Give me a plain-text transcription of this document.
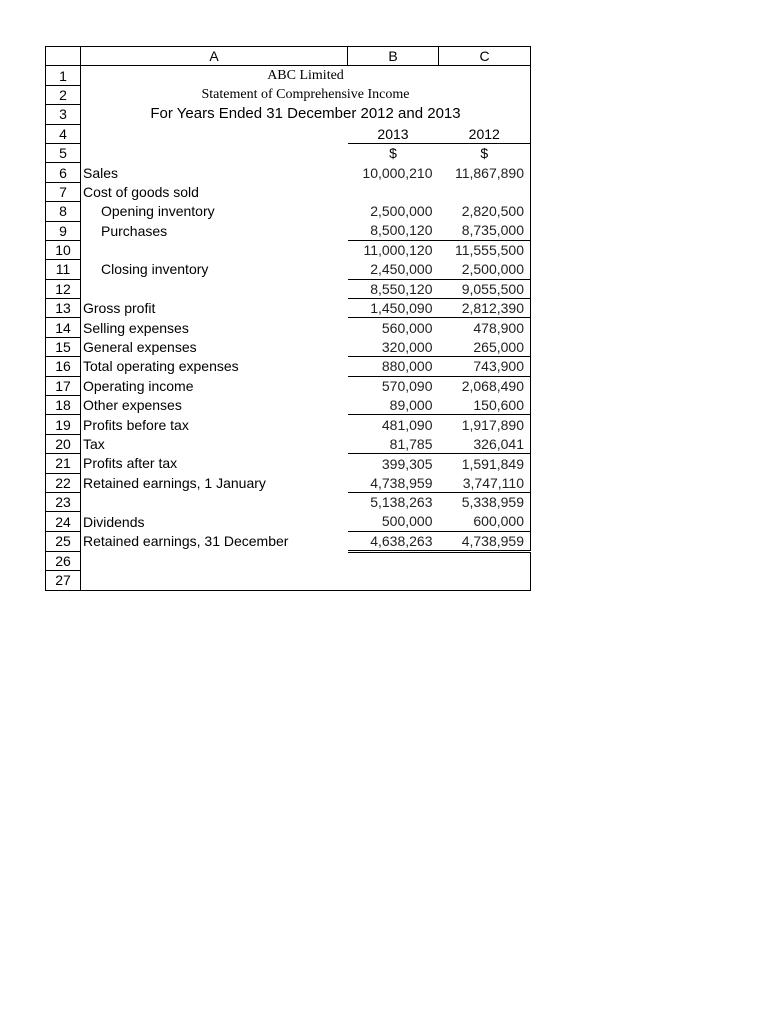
	A	B	C
1	ABC Limited		
2	Statement of Comprehensive Income		
3	For Years Ended 31 December 2012 and 2013		
4		2013	2012
5		$	$
6	Sales	10,000,210	11,867,890
7	Cost of goods sold		
8	Opening inventory	2,500,000	2,820,500
9	Purchases	8,500,120	8,735,000
10		11,000,120	11,555,500
11	Closing inventory	2,450,000	2,500,000
12		8,550,120	9,055,500
13	Gross profit	1,450,090	2,812,390
14	Selling expenses	560,000	478,900
15	General expenses	320,000	265,000
16	Total operating expenses	880,000	743,900
17	Operating income	570,090	2,068,490
18	Other expenses	89,000	150,600
19	Profits before tax	481,090	1,917,890
20	Tax	81,785	326,041
21	Profits after tax	399,305	1,591,849
22	Retained earnings, 1 January	4,738,959	3,747,110
23		5,138,263	5,338,959
24	Dividends	500,000	600,000
25	Retained earnings, 31 December	4,638,263	4,738,959
26			
27			
